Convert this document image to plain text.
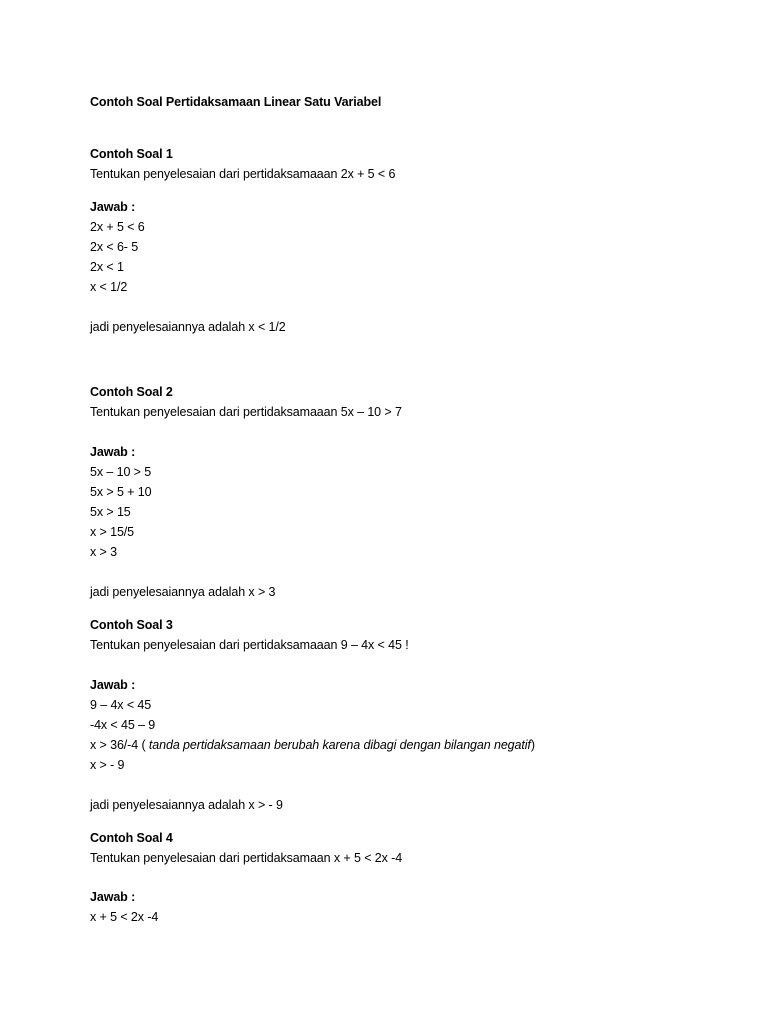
Contoh Soal Pertidaksamaan Linear Satu Variabel
Contoh Soal 1
Tentukan penyelesaian dari pertidaksamaaan 2x + 5 < 6
Jawab :
2x + 5 < 6
2x < 6- 5
2x < 1
x < 1/2
jadi penyelesaiannya adalah x < 1/2
Contoh Soal 2
Tentukan penyelesaian dari pertidaksamaaan 5x – 10 > 7
Jawab :
5x – 10 > 5
5x > 5 + 10
5x > 15
x > 15/5
x > 3
jadi penyelesaiannya adalah x > 3
Contoh Soal 3
Tentukan penyelesaian dari pertidaksamaaan 9 – 4x < 45 !
Jawab :
9 – 4x < 45
-4x < 45 – 9
x > 36/-4 ( tanda pertidaksamaan berubah karena dibagi dengan bilangan negatif)
x > - 9
jadi penyelesaiannya adalah x > - 9
Contoh Soal 4
Tentukan penyelesaian dari pertidaksamaan x + 5 < 2x -4
Jawab :
x + 5 < 2x -4
